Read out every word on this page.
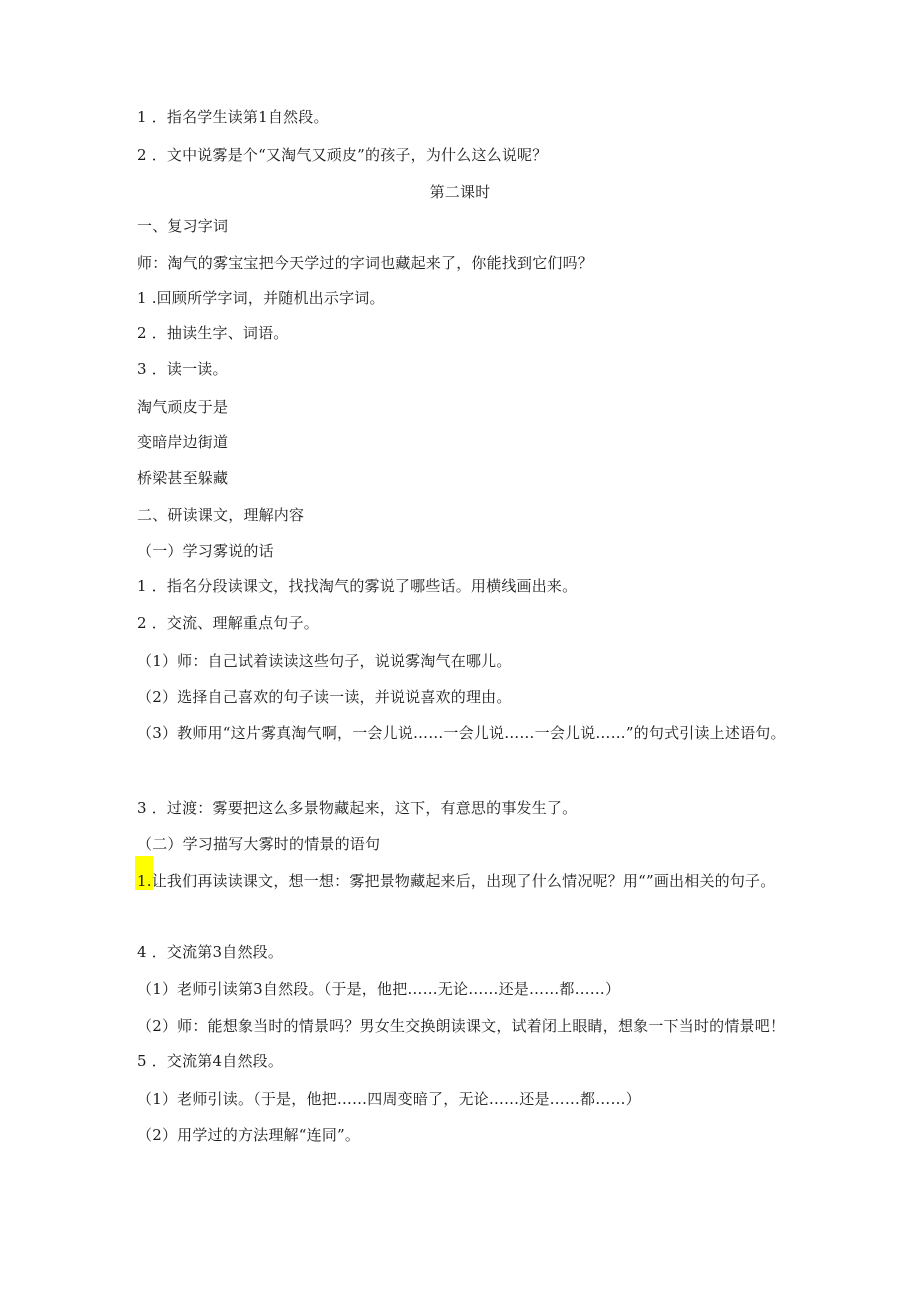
1 ．指名学生读第1自然段。
2 ．文中说雾是个“又淘气又顽皮”的孩子，为什么这么说呢？
第二课时
一、复习字词
师：淘气的雾宝宝把今天学过的字词也藏起来了，你能找到它们吗？
1 .回顾所学字词，并随机出示字词。
2 ．抽读生字、词语。
3 ．读一读。
淘气顽皮于是
变暗岸边街道
桥梁甚至躲藏
二、研读课文，理解内容
（一）学习雾说的话
1 ．指名分段读课文，找找淘气的雾说了哪些话。用横线画出来。
2 ．交流、理解重点句子。
（1）师：自己试着读读这些句子，说说雾淘气在哪儿。
（2）选择自己喜欢的句子读一读，并说说喜欢的理由。
（3）教师用“这片雾真淘气啊，一会儿说……一会儿说……一会儿说……”的句式引读上述语句。
3 ．过渡：雾要把这么多景物藏起来，这下，有意思的事发生了。
（二）学习描写大雾时的情景的语句
1.让我们再读读课文，想一想：雾把景物藏起来后，出现了什么情况呢？用“”画出相关的句子。
4 ．交流第3自然段。
（1）老师引读第3自然段。（于是，他把……无论……还是……都……）
（2）师：能想象当时的情景吗？男女生交换朗读课文，试着闭上眼睛，想象一下当时的情景吧！
5 ．交流第4自然段。
（1）老师引读。（于是，他把……四周变暗了，无论……还是……都……）
（2）用学过的方法理解“连同”。
